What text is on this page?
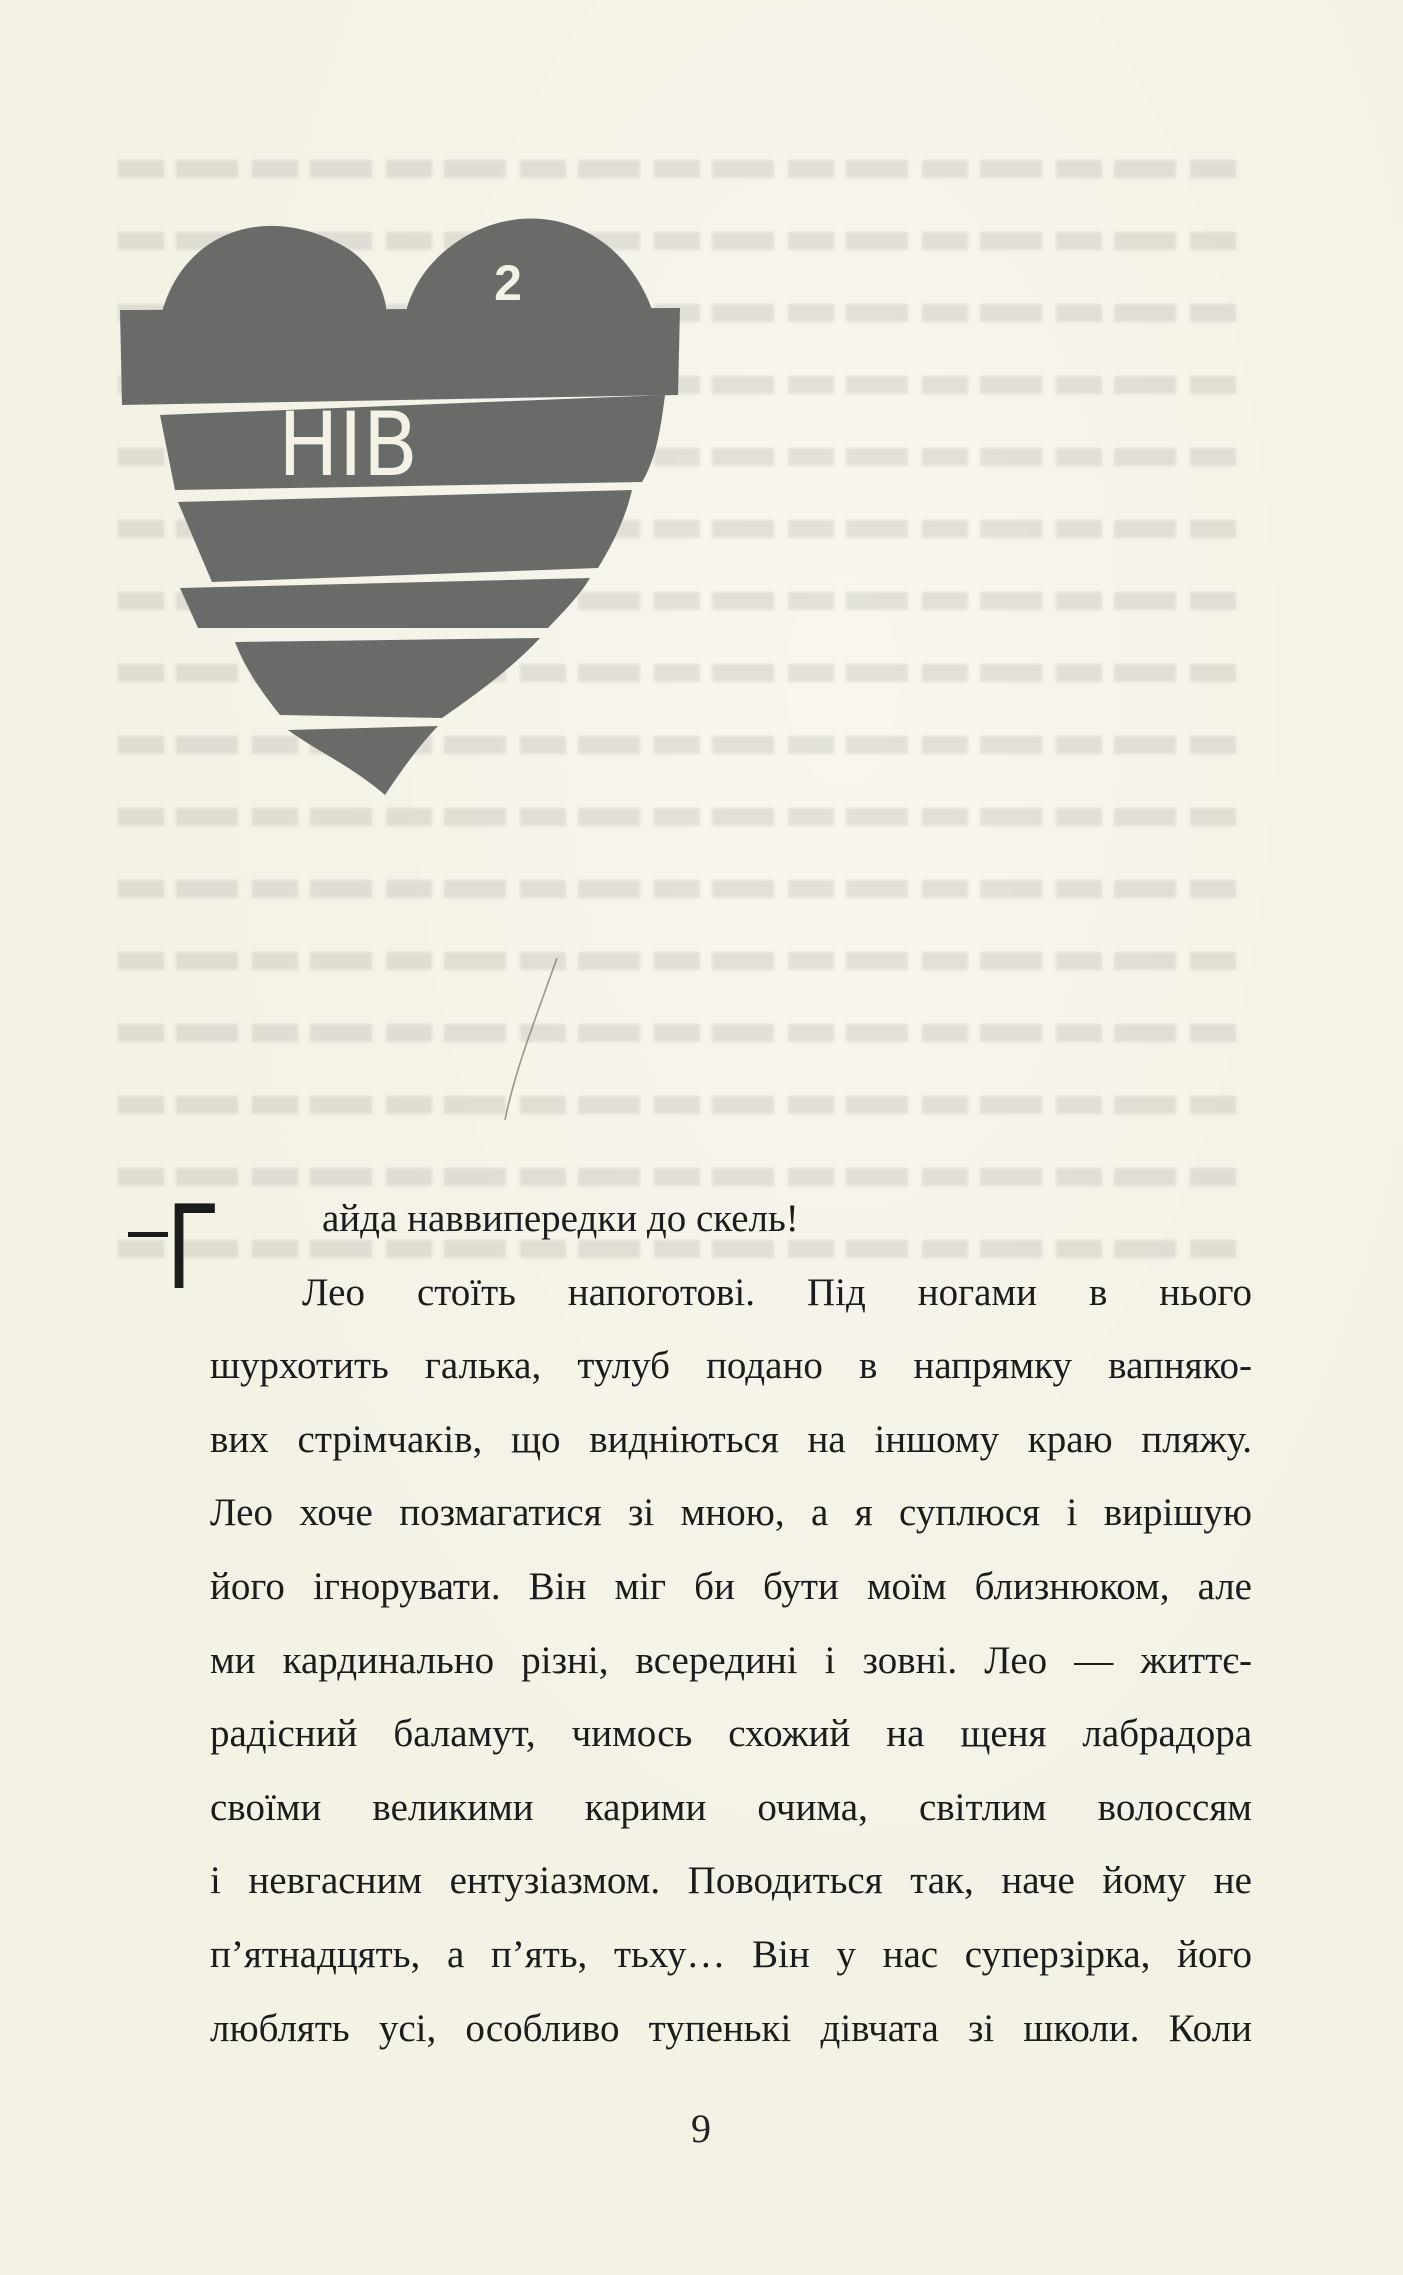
2
НІВ
Г	айда наввипередки до скель!
Лео стоїть напоготові. Під ногами в нього
шурхотить галька, тулуб подано в напрямку вапняко-
вих стрімчаків, що видніються на іншому краю пляжу.
Лео хоче позмагатися зі мною, а я суплюся і вирішую
його ігнорувати. Він міг би бути моїм близнюком, але
ми кардинально різні, всередині і зовні. Лео — життє-
радісний баламут, чимось схожий на щеня лабрадора
своїми великими карими очима, світлим волоссям
і невгасним ентузіазмом. Поводиться так, наче йому не
п’ятнадцять, а п’ять, тьху… Він у нас суперзірка, його
люблять усі, особливо тупенькі дівчата зі школи. Коли
9
